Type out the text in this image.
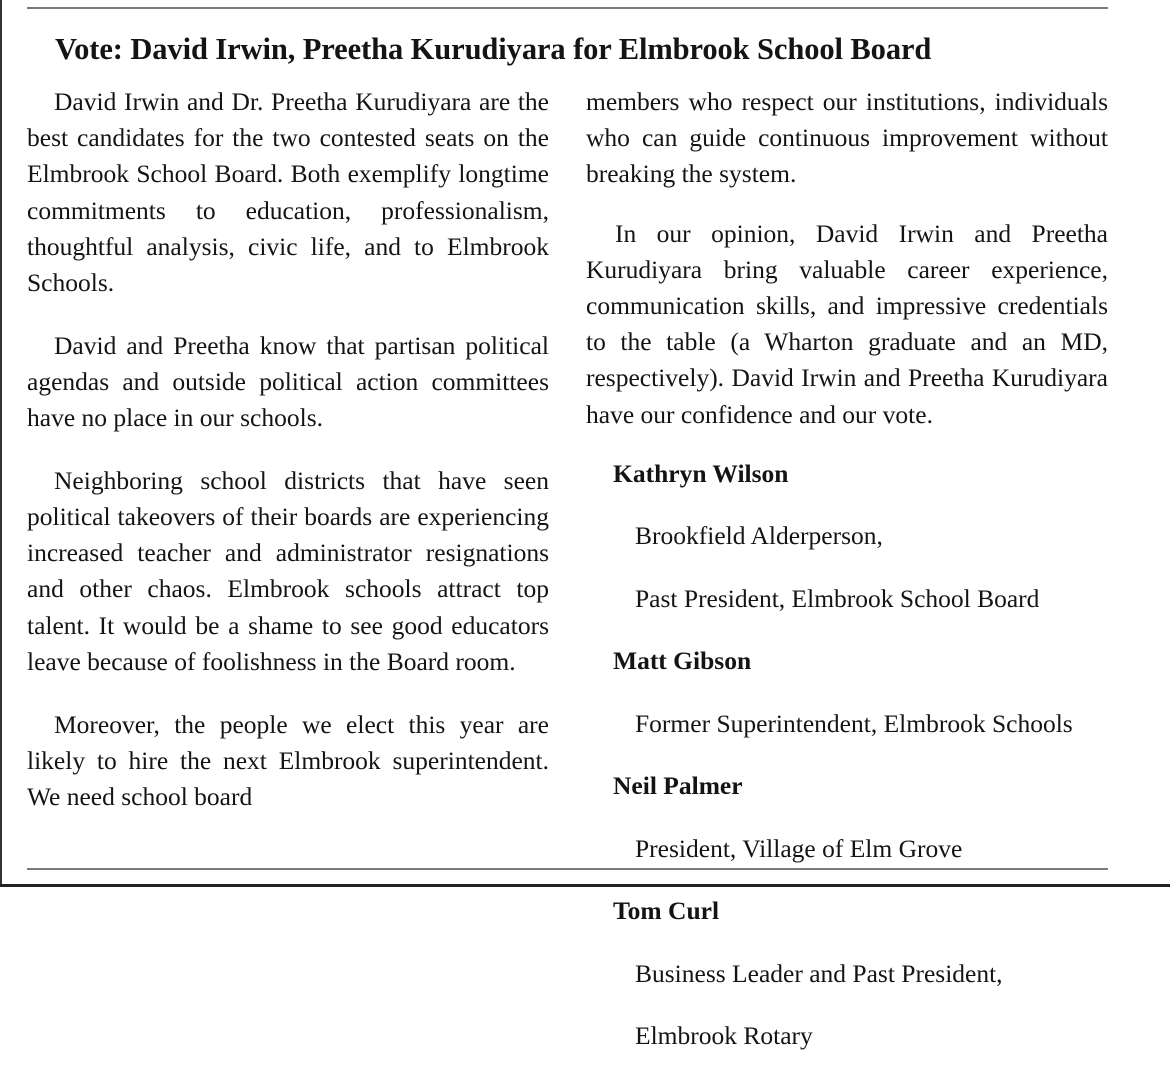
Vote: David Irwin, Preetha Kurudiyara for Elmbrook School Board

David Irwin and Dr. Preetha Kurudiyara are the best candidates for the two contested seats on the Elmbrook School Board. Both exemplify longtime commitments to education, professionalism, thoughtful analysis, civic life, and to Elmbrook Schools.

David and Preetha know that partisan political agendas and outside political action committees have no place in our schools.

Neighboring school districts that have seen political takeovers of their boards are experiencing increased teacher and administrator resignations and other chaos. Elmbrook schools attract top talent. It would be a shame to see good educators leave because of foolishness in the Board room.

Moreover, the people we elect this year are likely to hire the next Elmbrook superintendent. We need school board

members who respect our institutions, individuals who can guide continuous improvement without breaking the system.

In our opinion, David Irwin and Preetha Kurudiyara bring valuable career experience, communication skills, and impressive credentials to the table (a Wharton graduate and an MD, respectively). David Irwin and Preetha Kurudiyara have our confidence and our vote.

Kathryn Wilson

Brookfield Alderperson,

Past President, Elmbrook School Board

Matt Gibson

Former Superintendent, Elmbrook Schools

Neil Palmer

President, Village of Elm Grove

Tom Curl

Business Leader and Past President,

Elmbrook Rotary
